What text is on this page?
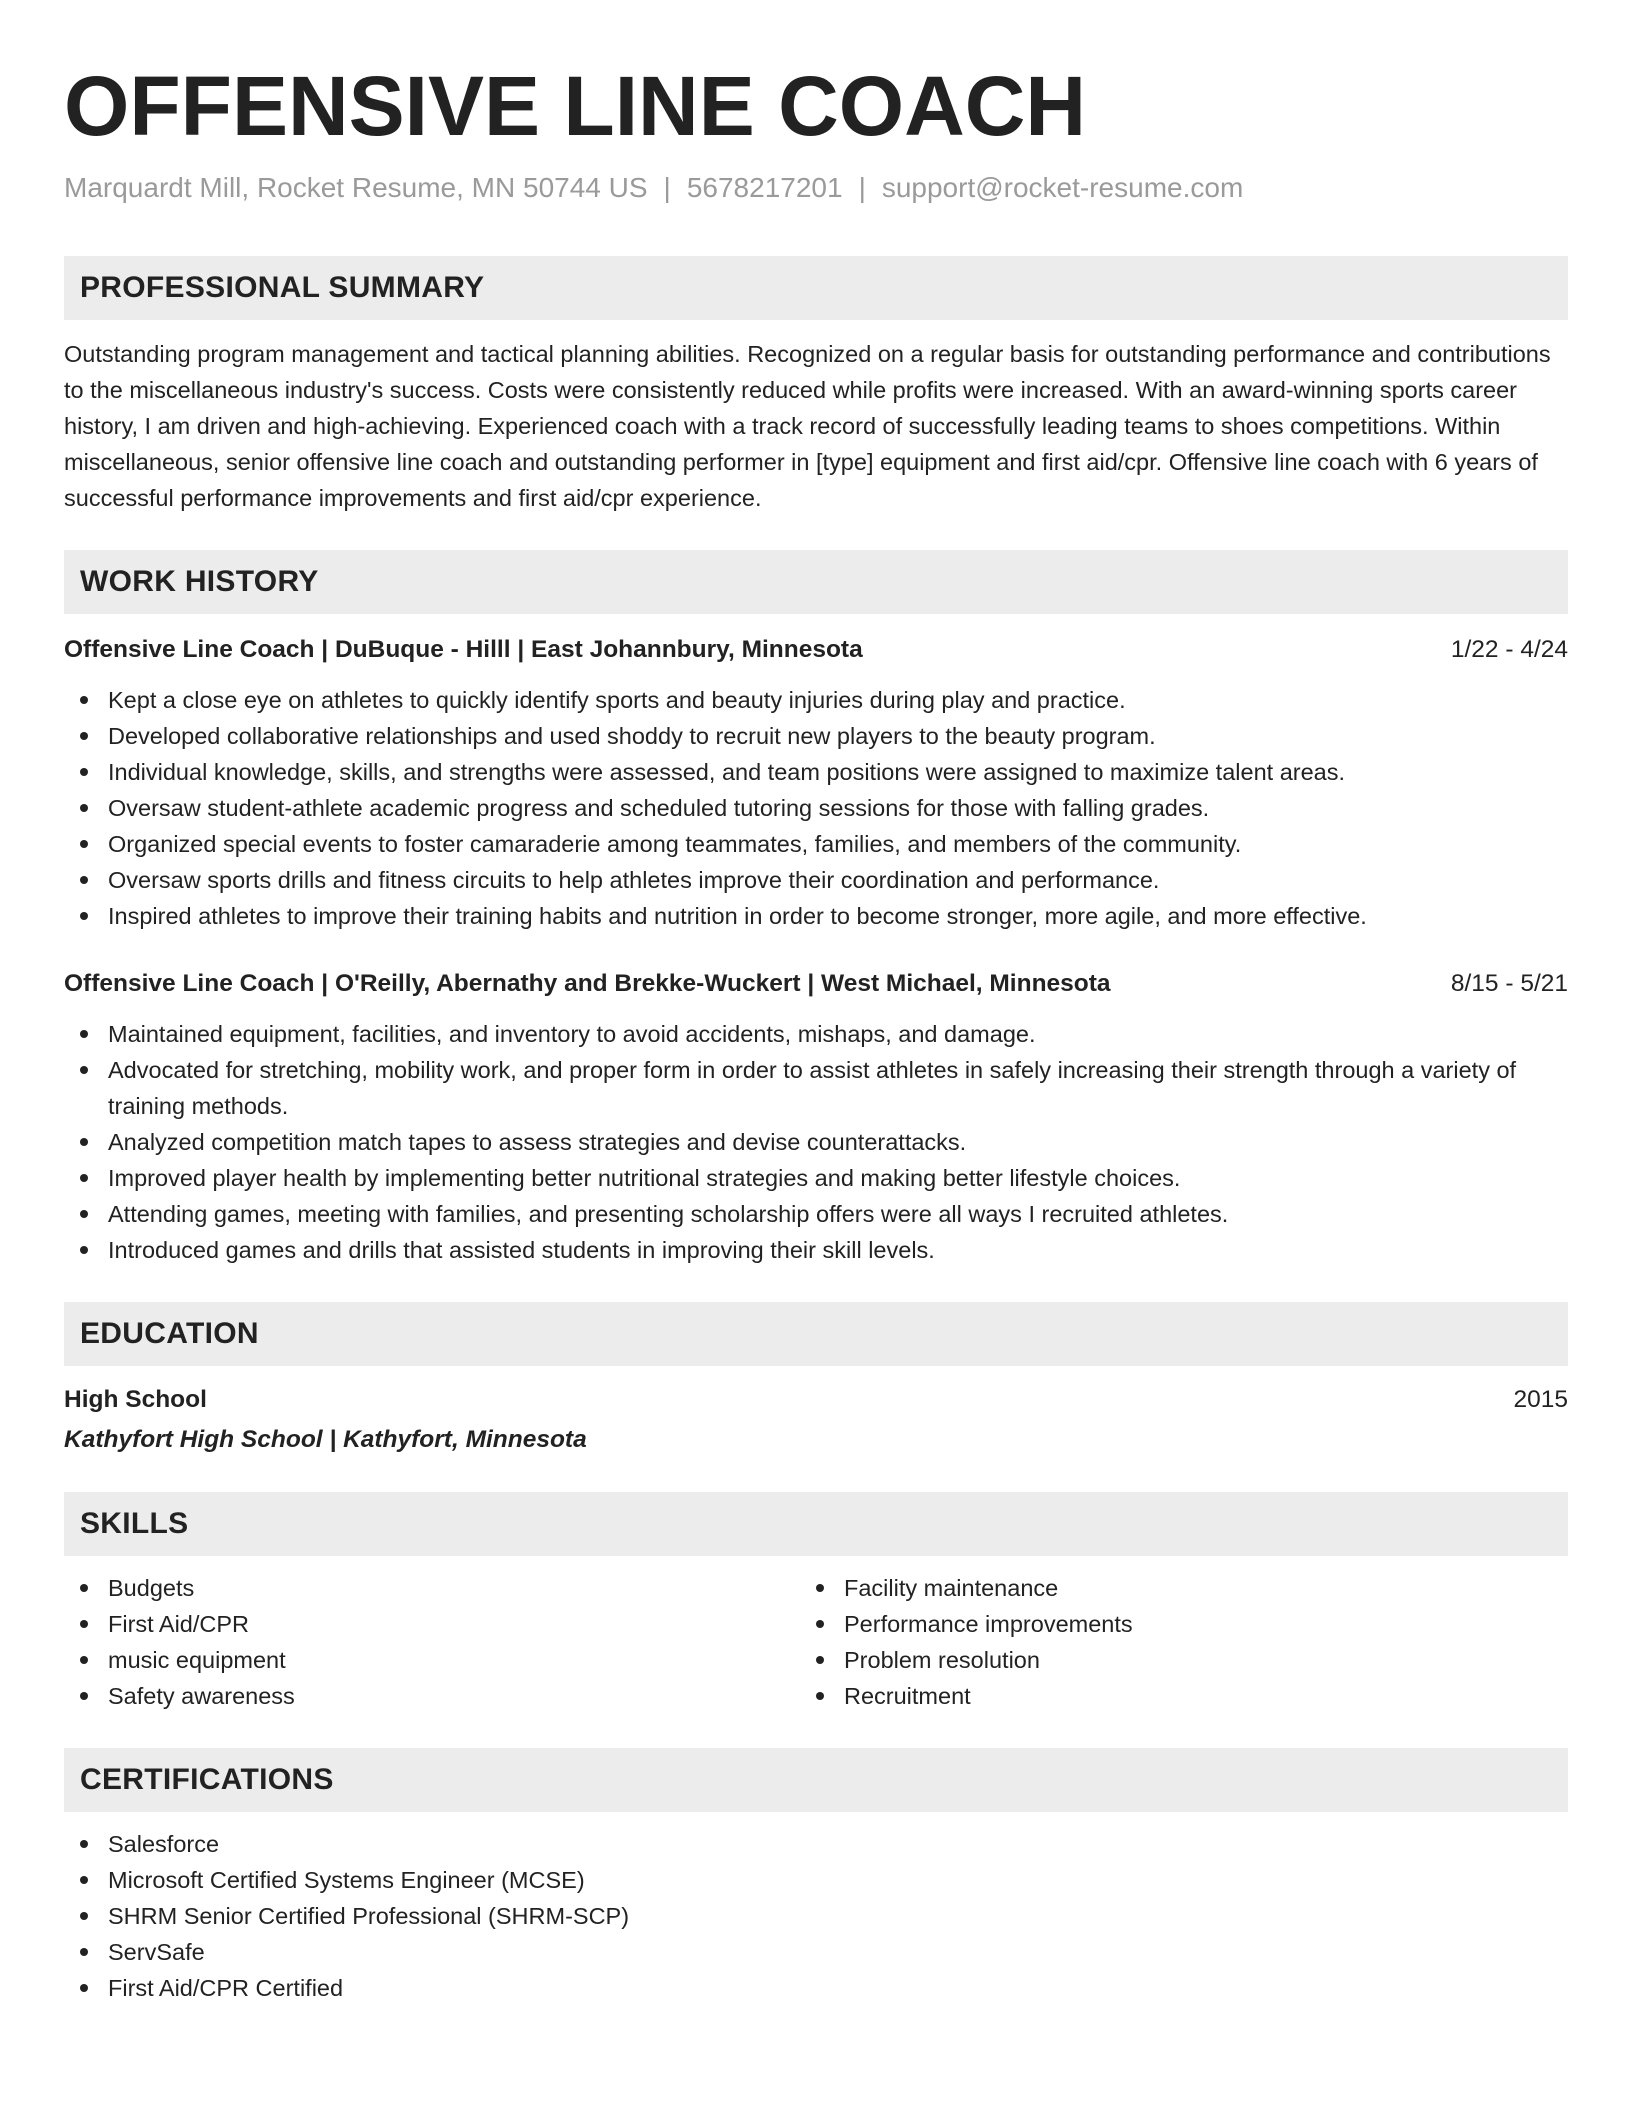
OFFENSIVE LINE COACH
Marquardt Mill, Rocket Resume, MN 50744 US | 5678217201 | support@rocket-resume.com
PROFESSIONAL SUMMARY
Outstanding program management and tactical planning abilities. Recognized on a regular basis for outstanding performance and contributions to the miscellaneous industry's success. Costs were consistently reduced while profits were increased. With an award-winning sports career history, I am driven and high-achieving. Experienced coach with a track record of successfully leading teams to shoes competitions. Within miscellaneous, senior offensive line coach and outstanding performer in [type] equipment and first aid/cpr. Offensive line coach with 6 years of successful performance improvements and first aid/cpr experience.
WORK HISTORY
Offensive Line Coach | DuBuque - Hilll | East Johannbury, Minnesota	1/22 - 4/24
Kept a close eye on athletes to quickly identify sports and beauty injuries during play and practice.
Developed collaborative relationships and used shoddy to recruit new players to the beauty program.
Individual knowledge, skills, and strengths were assessed, and team positions were assigned to maximize talent areas.
Oversaw student-athlete academic progress and scheduled tutoring sessions for those with falling grades.
Organized special events to foster camaraderie among teammates, families, and members of the community.
Oversaw sports drills and fitness circuits to help athletes improve their coordination and performance.
Inspired athletes to improve their training habits and nutrition in order to become stronger, more agile, and more effective.
Offensive Line Coach | O'Reilly, Abernathy and Brekke-Wuckert | West Michael, Minnesota	8/15 - 5/21
Maintained equipment, facilities, and inventory to avoid accidents, mishaps, and damage.
Advocated for stretching, mobility work, and proper form in order to assist athletes in safely increasing their strength through a variety of training methods.
Analyzed competition match tapes to assess strategies and devise counterattacks.
Improved player health by implementing better nutritional strategies and making better lifestyle choices.
Attending games, meeting with families, and presenting scholarship offers were all ways I recruited athletes.
Introduced games and drills that assisted students in improving their skill levels.
EDUCATION
High School	2015
Kathyfort High School | Kathyfort, Minnesota
SKILLS
Budgets
First Aid/CPR
music equipment
Safety awareness
Facility maintenance
Performance improvements
Problem resolution
Recruitment
CERTIFICATIONS
Salesforce
Microsoft Certified Systems Engineer (MCSE)
SHRM Senior Certified Professional (SHRM-SCP)
ServSafe
First Aid/CPR Certified
